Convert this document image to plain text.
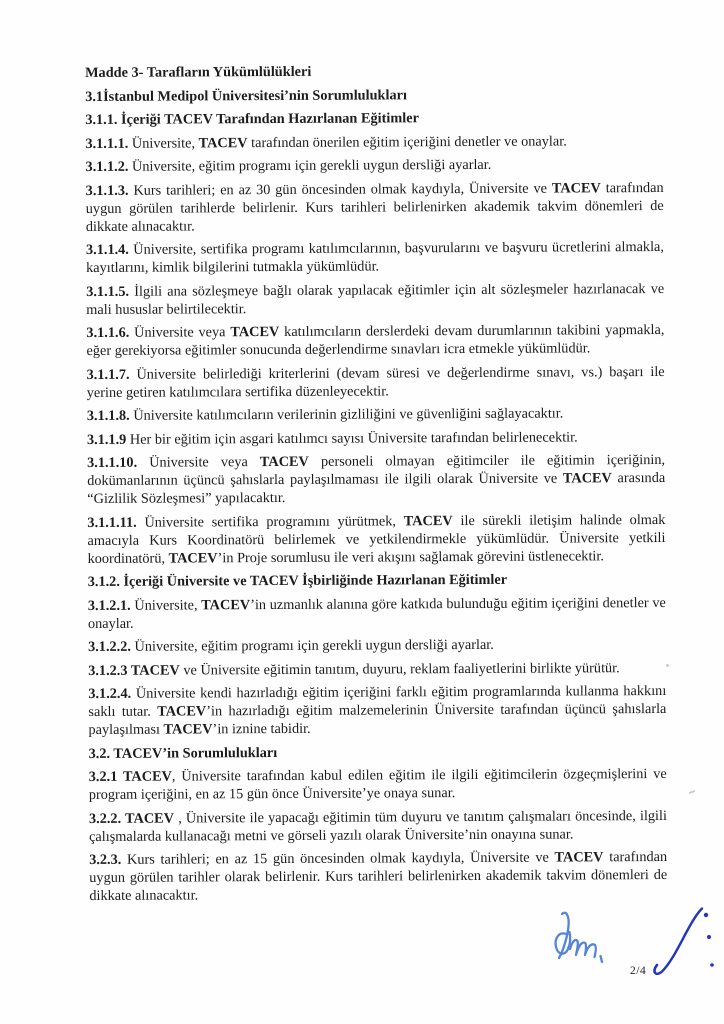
Madde 3- Tarafların Yükümlülükleri

3.1İstanbul Medipol Üniversitesi’nin Sorumlulukları

3.1.1. İçeriği TACEV Tarafından Hazırlanan Eğitimler

3.1.1.1. Üniversite, TACEV tarafından önerilen eğitim içeriğini denetler ve onaylar.

3.1.1.2. Üniversite, eğitim programı için gerekli uygun dersliği ayarlar.

3.1.1.3. Kurs tarihleri; en az 30 gün öncesinden olmak kaydıyla, Üniversite ve TACEV tarafından uygun görülen tarihlerde belirlenir. Kurs tarihleri belirlenirken akademik takvim dönemleri de dikkate alınacaktır.

3.1.1.4. Üniversite, sertifika programı katılımcılarının, başvurularını ve başvuru ücretlerini almakla, kayıtlarını, kimlik bilgilerini tutmakla yükümlüdür.

3.1.1.5. İlgili ana sözleşmeye bağlı olarak yapılacak eğitimler için alt sözleşmeler hazırlanacak ve mali hususlar belirtilecektir.

3.1.1.6. Üniversite veya TACEV katılımcıların derslerdeki devam durumlarının takibini yapmakla, eğer gerekiyorsa eğitimler sonucunda değerlendirme sınavları icra etmekle yükümlüdür.

3.1.1.7. Üniversite belirlediği kriterlerini (devam süresi ve değerlendirme sınavı, vs.) başarı ile yerine getiren katılımcılara sertifika düzenleyecektir.

3.1.1.8. Üniversite katılımcıların verilerinin gizliliğini ve güvenliğini sağlayacaktır.

3.1.1.9 Her bir eğitim için asgari katılımcı sayısı Üniversite tarafından belirlenecektir.

3.1.1.10. Üniversite veya TACEV personeli olmayan eğitimciler ile eğitimin içeriğinin, dokümanlarının üçüncü şahıslarla paylaşılmaması ile ilgili olarak Üniversite ve TACEV arasında “Gizlilik Sözleşmesi” yapılacaktır.

3.1.1.11. Üniversite sertifika programını yürütmek, TACEV ile sürekli iletişim halinde olmak amacıyla Kurs Koordinatörü belirlemek ve yetkilendirmekle yükümlüdür. Üniversite yetkili koordinatörü, TACEV’in Proje sorumlusu ile veri akışını sağlamak görevini üstlenecektir.

3.1.2. İçeriği Üniversite ve TACEV İşbirliğinde Hazırlanan Eğitimler

3.1.2.1. Üniversite, TACEV’in uzmanlık alanına göre katkıda bulunduğu eğitim içeriğini denetler ve onaylar.

3.1.2.2. Üniversite, eğitim programı için gerekli uygun dersliği ayarlar.

3.1.2.3 TACEV ve Üniversite eğitimin tanıtım, duyuru, reklam faaliyetlerini birlikte yürütür.

3.1.2.4. Üniversite kendi hazırladığı eğitim içeriğini farklı eğitim programlarında kullanma hakkını saklı tutar. TACEV’in hazırladığı eğitim malzemelerinin Üniversite tarafından üçüncü şahıslarla paylaşılması TACEV’in iznine tabidir.

3.2. TACEV’in Sorumlulukları

3.2.1 TACEV, Üniversite tarafından kabul edilen eğitim ile ilgili eğitimcilerin özgeçmişlerini ve program içeriğini, en az 15 gün önce Üniversite’ye onaya sunar.

3.2.2. TACEV , Üniversite ile yapacağı eğitimin tüm duyuru ve tanıtım çalışmaları öncesinde, ilgili çalışmalarda kullanacağı metni ve görseli yazılı olarak Üniversite’nin onayına sunar.

3.2.3. Kurs tarihleri; en az 15 gün öncesinden olmak kaydıyla, Üniversite ve TACEV tarafından uygun görülen tarihler olarak belirlenir. Kurs tarihleri belirlenirken akademik takvim dönemleri de dikkate alınacaktır.

2/4
